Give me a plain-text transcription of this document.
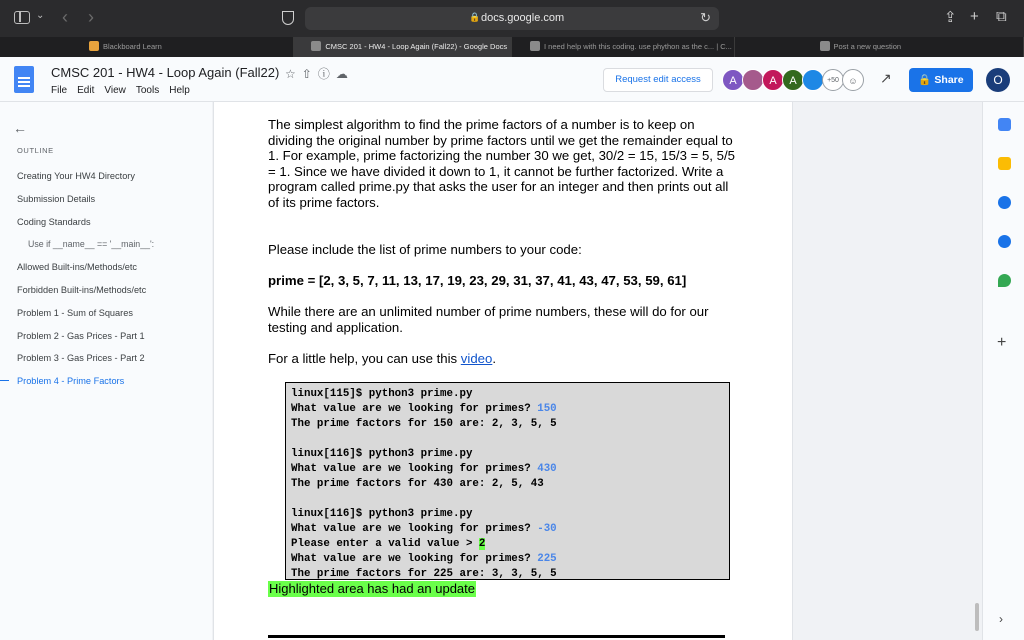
⌄ ‹ ›	🔒 docs.google.com	↻	⇪ + ⧉
Blackboard Learn	CMSC 201 - HW4 - Loop Again (Fall22) - Google Docs	I need help with this coding. use phython as the c... | C...	Post a new question
CMSC 201 - HW4 - Loop Again (Fall22) ☆⇧ⓘ☁
File Edit View Tools Help
Request edit access	A	A	A	+50	☺	↗	🔒 Share	O
←
OUTLINE
Creating Your HW4 Directory
Submission Details
Coding Standards
Use if __name__ == '__main__':
Allowed Built-ins/Methods/etc
Forbidden Built-ins/Methods/etc
Problem 1 - Sum of Squares
Problem 2 - Gas Prices - Part 1
Problem 3 - Gas Prices - Part 2
Problem 4 - Prime Factors
The simplest algorithm to find the prime factors of a number is to keep on dividing the original number by prime factors until we get the remainder equal to 1. For example, prime factorizing the number 30 we get, 30/2 = 15, 15/3 = 5, 5/5 = 1. Since we have divided it down to 1, it cannot be further factorized. Write a program called prime.py that asks the user for an integer and then prints out all of its prime factors.
Please include the list of prime numbers to your code:
prime = [2, 3, 5, 7, 11, 13, 17, 19, 23, 29, 31, 37, 41, 43, 47, 53, 59, 61]
While there are an unlimited number of prime numbers, these will do for our testing and application.
For a little help, you can use this video.
linux[115]$ python3 prime.py
What value are we looking for primes? 150
The prime factors for 150 are: 2, 3, 5, 5
linux[116]$ python3 prime.py
What value are we looking for primes? 430
The prime factors for 430 are: 2, 5, 43
linux[116]$ python3 prime.py
What value are we looking for primes? -30
Please enter a valid value > 2
What value are we looking for primes? 225
The prime factors for 225 are: 3, 3, 5, 5
Highlighted area has had an update
+
›
